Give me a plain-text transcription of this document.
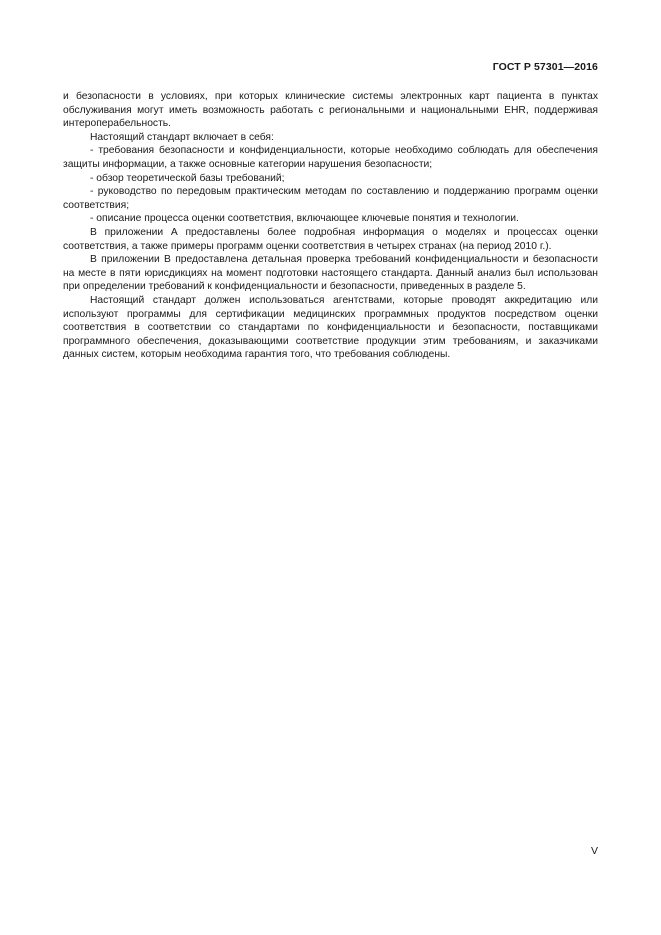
ГОСТ Р 57301—2016

и безопасности в условиях, при которых клинические системы электронных карт пациента в пунктах обслуживания могут иметь возможность работать с региональными и национальными EHR, поддерживая интероперабельность.

Настоящий стандарт включает в себя:

- требования безопасности и конфиденциальности, которые необходимо соблюдать для обеспечения защиты информации, а также основные категории нарушения безопасности;

- обзор теоретической базы требований;

- руководство по передовым практическим методам по составлению и поддержанию программ оценки соответствия;

- описание процесса оценки соответствия, включающее ключевые понятия и технологии.

В приложении А предоставлены более подробная информация о моделях и процессах оценки соответствия, а также примеры программ оценки соответствия в четырех странах (на период 2010 г.).

В приложении В предоставлена детальная проверка требований конфиденциальности и безопасности на месте в пяти юрисдикциях на момент подготовки настоящего стандарта. Данный анализ был использован при определении требований к конфиденциальности и безопасности, приведенных в разделе 5.

Настоящий стандарт должен использоваться агентствами, которые проводят аккредитацию или используют программы для сертификации медицинских программных продуктов посредством оценки соответствия в соответствии со стандартами по конфиденциальности и безопасности, поставщиками программного обеспечения, доказывающими соответствие продукции этим требованиям, и заказчиками данных систем, которым необходима гарантия того, что требования соблюдены.

V
